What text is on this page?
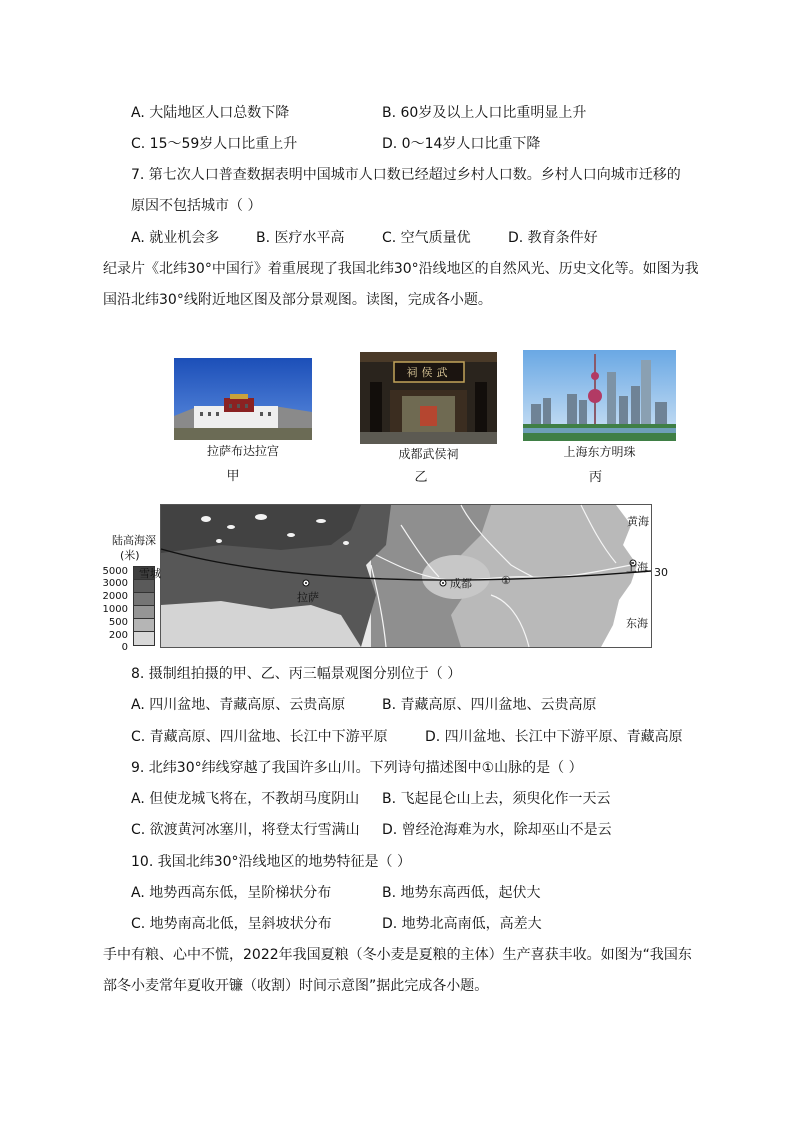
A. 大陆地区人口总数下降	B. 60岁及以上人口比重明显上升
C. 15～59岁人口比重上升	D. 0～14岁人口比重下降
7. 第七次人口普查数据表明中国城市人口数已经超过乡村人口数。乡村人口向城市迁移的
原因不包括城市（ ）
A. 就业机会多	B. 医疗水平高	C. 空气质量优	D. 教育条件好
纪录片《北纬30°中国行》着重展现了我国北纬30°沿线地区的自然风光、历史文化等。如图为我
国沿北纬30°线附近地区图及部分景观图。读图，完成各小题。
拉萨布达拉宫
甲
祠侯武
成都武侯祠
乙
上海东方明珠
丙
陆高海深
(米)
5000
3000
2000
1000
500
200
0
雪城
拉萨
成都	①
上海
黄海
东海
30
8. 摄制组拍摄的甲、乙、丙三幅景观图分别位于（ ）
A. 四川盆地、青藏高原、云贵高原	B. 青藏高原、四川盆地、云贵高原
C. 青藏高原、四川盆地、长江中下游平原	D. 四川盆地、长江中下游平原、青藏高原
9. 北纬30°纬线穿越了我国许多山川。下列诗句描述图中①山脉的是（ ）
A. 但使龙城飞将在，不教胡马度阴山 B. 飞起昆仑山上去，须臾化作一天云
C. 欲渡黄河冰塞川，将登太行雪满山 D. 曾经沧海难为水，除却巫山不是云
10. 我国北纬30°沿线地区的地势特征是（ ）
A. 地势西高东低，呈阶梯状分布	B. 地势东高西低，起伏大
C. 地势南高北低，呈斜坡状分布	D. 地势北高南低，高差大
手中有粮、心中不慌，2022年我国夏粮（冬小麦是夏粮的主体）生产喜获丰收。如图为“我国东
部冬小麦常年夏收开镰（收割）时间示意图”据此完成各小题。
